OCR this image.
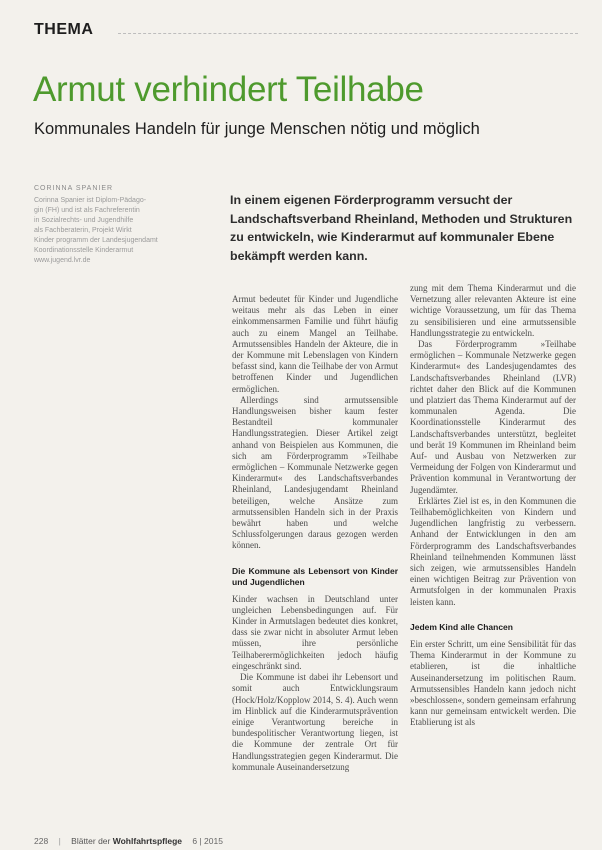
THEMA
Armut verhindert Teilhabe
Kommunales Handeln für junge Menschen nötig und möglich
CORINNA SPANIER
Corinna Spanier ist Diplom-Pädago-
gin (FH) und ist als Fachreferentin
in Sozialrechts- und Jugendhilfe
als Fachberaterin, Projekt Wirkt
Kinder programm der Landesjugendamt
Koordinationsstelle Kinderarmut
www.jugend.lvr.de
In einem eigenen Förderprogramm versucht der Landschaftsverband Rheinland, Methoden und Strukturen zu entwickeln, wie Kinderarmut auf kommunaler Ebene bekämpft werden kann.

Armut bedeutet für Kinder und Jugendliche weitaus mehr als das Leben in einer einkommensarmen Familie und führt häufig auch zu einem Mangel an Teilhabe. Armutssensibles Handeln der Akteure, die in der Kommune mit Lebenslagen von Kindern befasst sind, kann die Teilhabe der von Armut betroffenen Kinder und Jugendlichen ermöglichen.

Allerdings sind armutssensible Handlungsweisen bisher kaum fester Bestandteil kommunaler Handlungsstrategien. Dieser Artikel zeigt anhand von Beispielen aus Kommunen, die sich am Förderprogramm »Teilhabe ermöglichen – Kommunale Netzwerke gegen Kinderarmut« des Landschaftsverbandes Rheinland, Landesjugendamt Rheinland beteiligen, welche Ansätze zum armutssensiblen Handeln sich in der Praxis bewährt haben und welche Schlussfolgerungen daraus gezogen werden können.

Die Kommune als Lebensort von Kinder und Jugendlichen

Kinder wachsen in Deutschland unter ungleichen Lebensbedingungen auf. Für Kinder in Armutslagen bedeutet dies konkret, dass sie zwar nicht in absoluter Armut leben müssen, ihre persönliche Teilhaberermöglichkeiten jedoch häufig eingeschränkt sind.

Die Kommune ist dabei ihr Lebensort und somit auch Entwicklungsraum (Hock/Holz/Kopplow 2014, S. 4). Auch wenn im Hinblick auf die Kinderarmutsprävention einige Verantwortung bereiche in bundespolitischer Verantwortung liegen, ist die Kommune der zentrale Ort für Handlungsstrategien gegen Kinderarmut. Die kommunale Auseinandersetzung

zung mit dem Thema Kinderarmut und die Vernetzung aller relevanten Akteure ist eine wichtige Voraussetzung, um für das Thema zu sensibilisieren und eine armutssensible Handlungsstrategie zu entwickeln.

Das Förderprogramm »Teilhabe ermöglichen – Kommunale Netzwerke gegen Kinderarmut« des Landesjugendamtes des Landschaftsverbandes Rheinland (LVR) richtet daher den Blick auf die Kommunen und platziert das Thema Kinderarmut auf der kommunalen Agenda. Die Koordinationsstelle Kinderarmut des Landschaftsverbandes unterstützt, begleitet und berät 19 Kommunen im Rheinland beim Auf- und Ausbau von Netzwerken zur Vermeidung der Folgen von Kinderarmut und Prävention kommunal in Verantwortung der Jugendämter.

Erklärtes Ziel ist es, in den Kommunen die Teilhabemöglichkeiten von Kindern und Jugendlichen langfristig zu verbessern. Anhand der Entwicklungen in den am Förderprogramm des Landschaftsverbandes Rheinland teilnehmenden Kommunen lässt sich zeigen, wie armutssensibles Handeln einen wichtigen Beitrag zur Prävention von Armutsfolgen in der kommunalen Praxis leisten kann.

Jedem Kind alle Chancen

Ein erster Schritt, um eine Sensibilität für das Thema Kinderarmut in der Kommune zu etablieren, ist die inhaltliche Auseinandersetzung im politischen Raum. Armutssensibles Handeln kann jedoch nicht »beschlossen«, sondern gemeinsam erfahrung kann nur gemeinsam entwickelt werden. Die Etablierung ist als

228 | Blätter der Wohlfahrtspflege 6 | 2015
